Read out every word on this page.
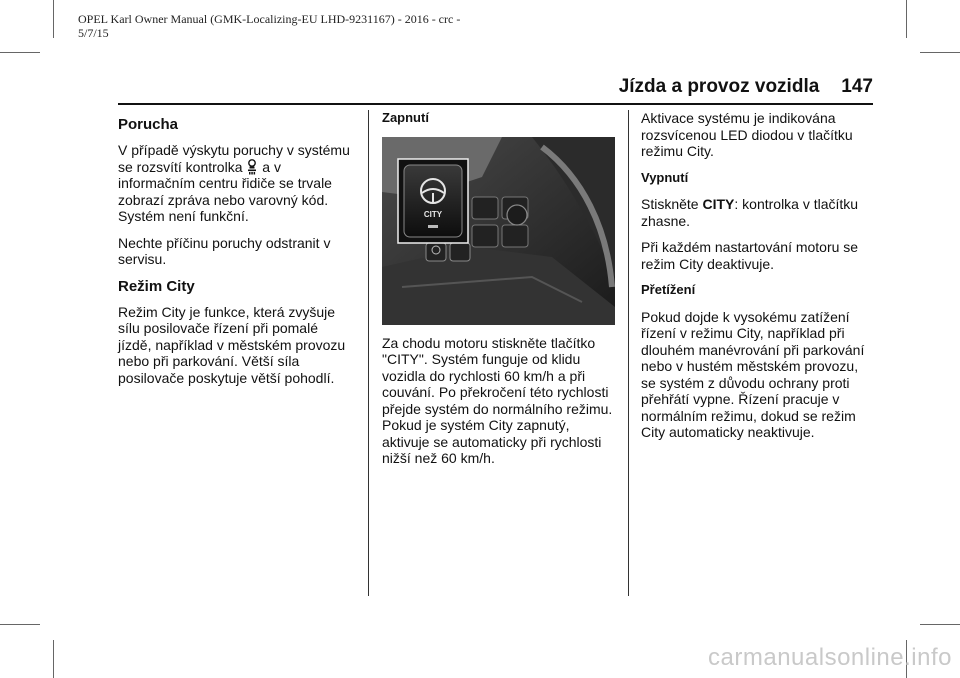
OPEL Karl Owner Manual (GMK-Localizing-EU LHD-9231167) - 2016 - crc -
5/7/15
Jízda a provoz vozidla 147
Porucha

V případě výskytu poruchy v systému se rozsvítí kontrolka a v informačním centru řidiče se trvale zobrazí zpráva nebo varovný kód. Systém není funkční.

Nechte příčinu poruchy odstranit v servisu.

Režim City

Režim City je funkce, která zvyšuje sílu posilovače řízení při pomalé jízdě, například v městském provozu nebo při parkování. Větší síla posilovače poskytuje větší pohodlí.

Zapnutí
CITY

Za chodu motoru stiskněte tlačítko "CITY". Systém funguje od klidu vozidla do rychlosti 60 km/h a při couvání. Po překročení této rychlosti přejde systém do normálního režimu. Pokud je systém City zapnutý, aktivuje se automaticky při rychlosti nižší než 60 km/h.

Aktivace systému je indikována rozsvícenou LED diodou v tlačítku režimu City.

Vypnutí

Stiskněte CITY: kontrolka v tlačítku zhasne.

Při každém nastartování motoru se režim City deaktivuje.

Přetížení

Pokud dojde k vysokému zatížení řízení v režimu City, například při dlouhém manévrování při parkování nebo v hustém městském provozu, se systém z důvodu ochrany proti přehřátí vypne. Řízení pracuje v normálním režimu, dokud se režim City automaticky neaktivuje.

carmanualsonline.info
